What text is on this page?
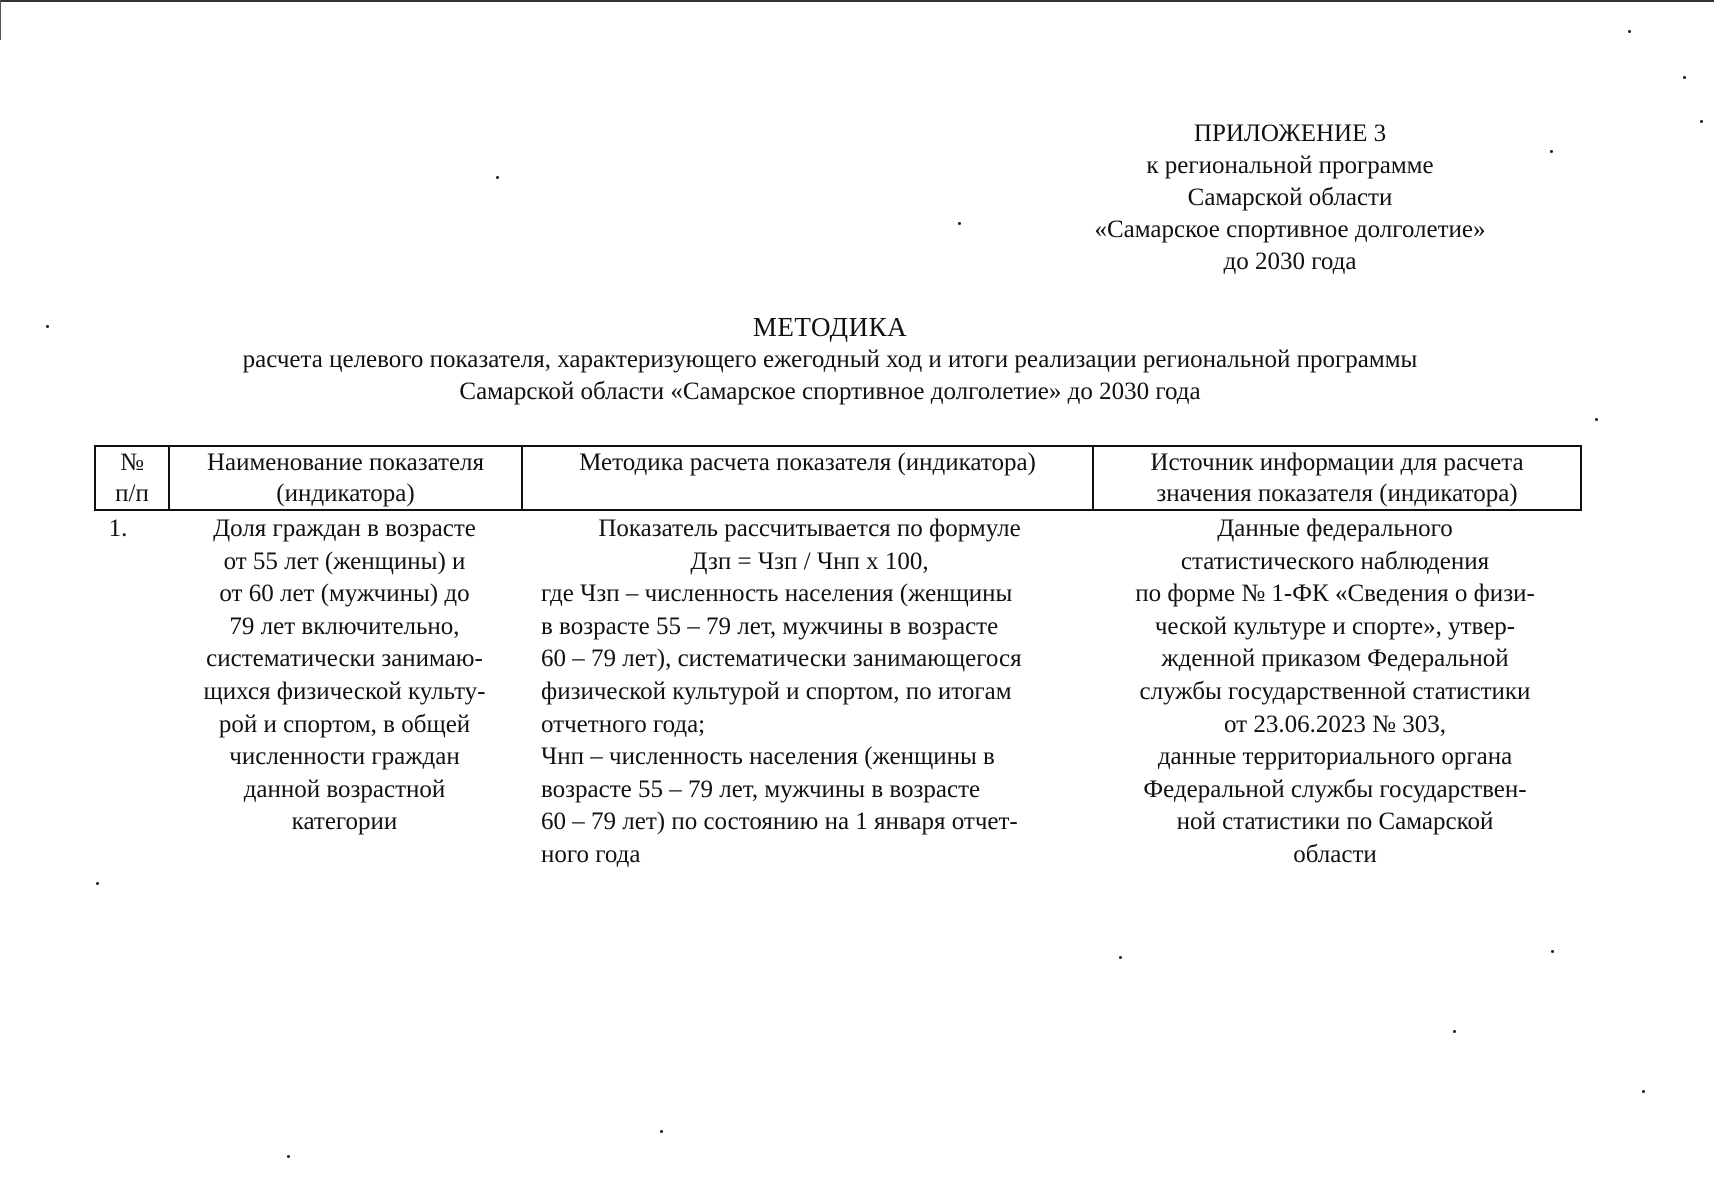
ПРИЛОЖЕНИЕ 3
к региональной программе
Самарской области
«Самарское спортивное долголетие»
до 2030 года
МЕТОДИКА
расчета целевого показателя, характеризующего ежегодный ход и итоги реализации региональной программы
Самарской области «Самарское спортивное долголетие» до 2030 года
№
п/п
Наименование показателя
(индикатора)
Методика расчета показателя (индикатора)	Источник информации для расчета
значения показателя (индикатора)
1.	Доля граждан в возрасте
от 55 лет (женщины) и
от 60 лет (мужчины) до
79 лет включительно,
систематически занимаю-
щихся физической культу-
рой и спортом, в общей
численности граждан
данной возрастной
категории
Показатель рассчитывается по формуле
Дзп = Чзп / Чнп х 100,
где Чзп – численность населения (женщины
в возрасте 55 – 79 лет, мужчины в возрасте
60 – 79 лет), систематически занимающегося
физической культурой и спортом, по итогам
отчетного года;
Чнп – численность населения (женщины в
возрасте 55 – 79 лет, мужчины в возрасте
60 – 79 лет) по состоянию на 1 января отчет-
ного года
Данные федерального
статистического наблюдения
по форме № 1-ФК «Сведения о физи-
ческой культуре и спорте», утвер-
жденной приказом Федеральной
службы государственной статистики
от 23.06.2023 № 303,
данные территориального органа
Федеральной службы государствен-
ной статистики по Самарской
области
